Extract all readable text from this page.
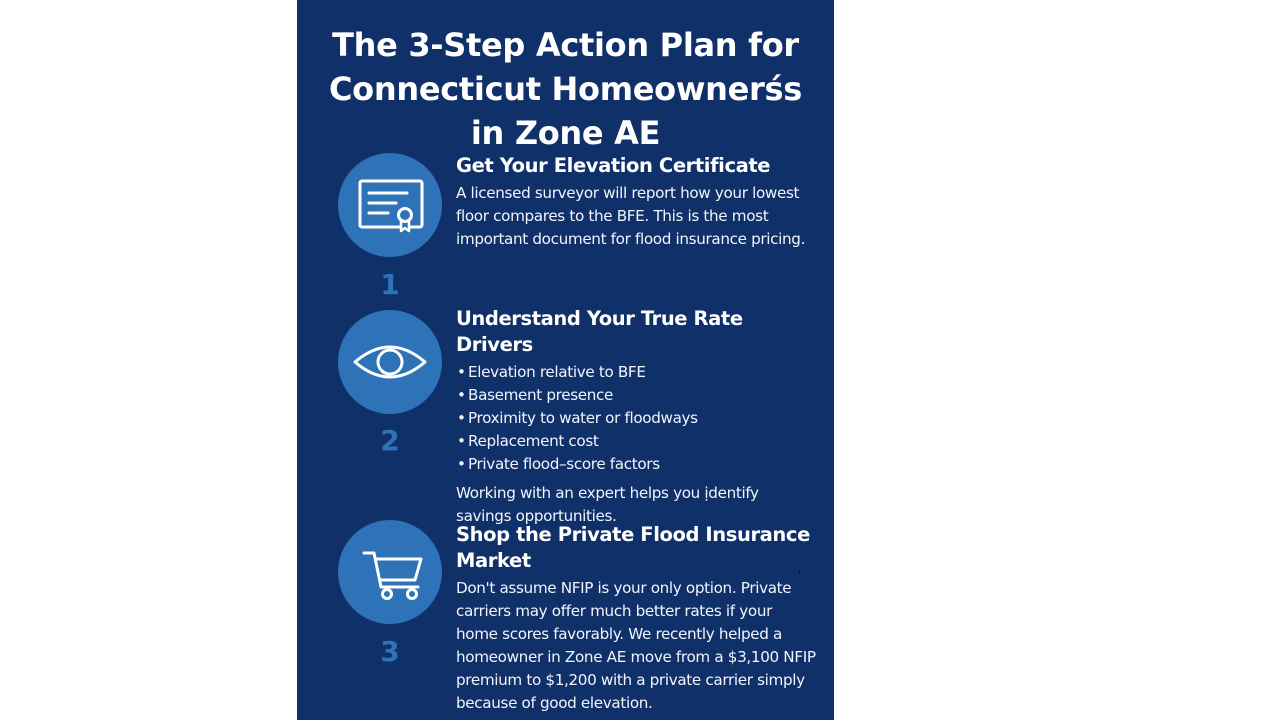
The 3-Step Action Plan for
Connecticut Homeownerśs
in Zone AE
1
Get Your Elevation Certificate

A licensed surveyor will report how your lowest floor compares to the BFE. This is the most important document for flood insurance pricing.

2
Understand Your True Rate Drivers
• Elevation relative to BFE
• Basement presence
• Proximity to water or floodways
• Replacement cost
• Private flood–score factors

Working with an expert helps you ịdentify savings opportunities.

3
Shop the Private Flood Insurance Market

Don't assume NFIP is your only option. Private carriers may offer much better rates if your home scores favorably. We recently helped a homeowner in Zone AE move from a $3,100 NFIP premium to $1,200 with a private carrier simply because of good elevation.

,
